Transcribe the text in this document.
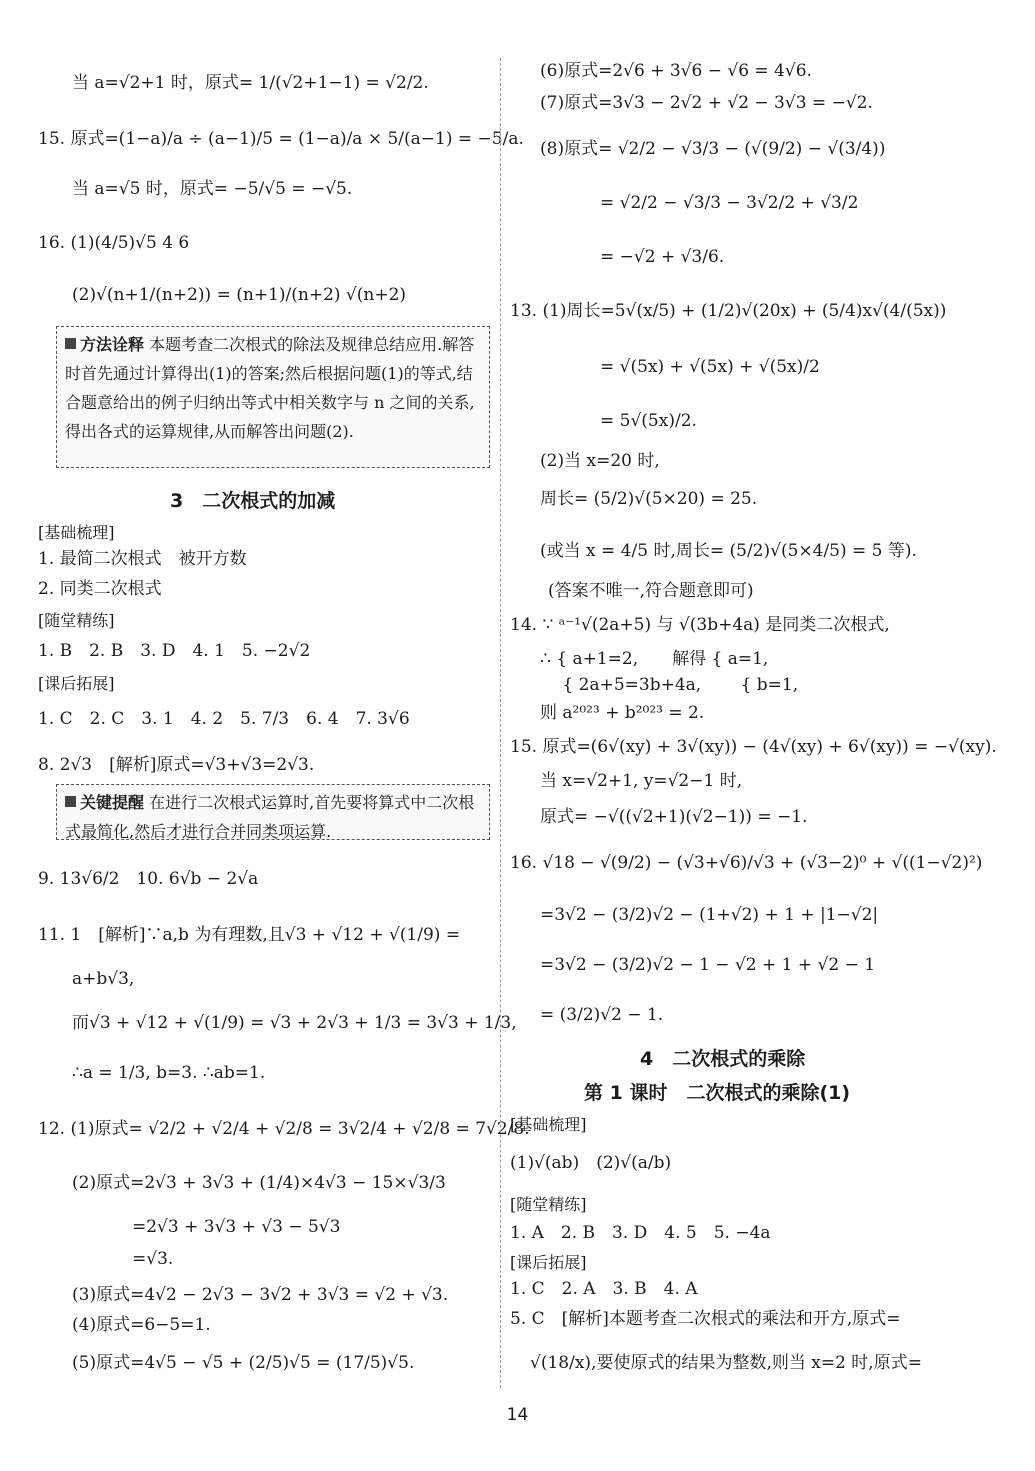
当 a=√2+1 时，原式= 1/(√2+1−1) = √2/2.
15. 原式=(1−a)/a ÷ (a−1)/5 = (1−a)/a × 5/(a−1) = −5/a.
当 a=√5 时，原式= −5/√5 = −√5.
16. (1)(4/5)√5 4 6
(2)√(n+1/(n+2)) = (n+1)/(n+2) √(n+2)
方法诠释 本题考查二次根式的除法及规律总结应用.解答时首先通过计算得出(1)的答案;然后根据问题(1)的等式,结合题意给出的例子归纳出等式中相关数字与 n 之间的关系,得出各式的运算规律,从而解答出问题(2).
3　二次根式的加减
[基础梳理]
1. 最简二次根式　被开方数
2. 同类二次根式
[随堂精练]
1. B　2. B　3. D　4. 1　5. −2√2
[课后拓展]
1. C　2. C　3. 1　4. 2　5. 7/3　6. 4　7. 3√6
8. 2√3　[解析]原式=√3+√3=2√3.
关键提醒 在进行二次根式运算时,首先要将算式中二次根式最简化,然后才进行合并同类项运算.
9. 13√6/2　10. 6√b − 2√a
11. 1　[解析]∵a,b 为有理数,且√3 + √12 + √(1/9) =
a+b√3,
而√3 + √12 + √(1/9) = √3 + 2√3 + 1/3 = 3√3 + 1/3,
∴a = 1/3, b=3. ∴ab=1.
12. (1)原式= √2/2 + √2/4 + √2/8 = 3√2/4 + √2/8 = 7√2/8.
(2)原式=2√3 + 3√3 + (1/4)×4√3 − 15×√3/3
=2√3 + 3√3 + √3 − 5√3
=√3.
(3)原式=4√2 − 2√3 − 3√2 + 3√3 = √2 + √3.
(4)原式=6−5=1.
(5)原式=4√5 − √5 + (2/5)√5 = (17/5)√5.
(6)原式=2√6 + 3√6 − √6 = 4√6.
(7)原式=3√3 − 2√2 + √2 − 3√3 = −√2.
(8)原式= √2/2 − √3/3 − (√(9/2) − √(3/4))
= √2/2 − √3/3 − 3√2/2 + √3/2
= −√2 + √3/6.
13. (1)周长=5√(x/5) + (1/2)√(20x) + (5/4)x√(4/(5x))
= √(5x) + √(5x) + √(5x)/2
= 5√(5x)/2.
(2)当 x=20 时,
周长= (5/2)√(5×20) = 25.
(或当 x = 4/5 时,周长= (5/2)√(5×4/5) = 5 等).
(答案不唯一,符合题意即可)
14. ∵ ᵃ⁻¹√(2a+5) 与 √(3b+4a) 是同类二次根式,
∴ { a+1=2,　　解得 { a=1,
　 { 2a+5=3b+4a,　　 { b=1,
则 a²⁰²³ + b²⁰²³ = 2.
15. 原式=(6√(xy) + 3√(xy)) − (4√(xy) + 6√(xy)) = −√(xy).
当 x=√2+1, y=√2−1 时,
原式= −√((√2+1)(√2−1)) = −1.
16. √18 − √(9/2) − (√3+√6)/√3 + (√3−2)⁰ + √((1−√2)²)
=3√2 − (3/2)√2 − (1+√2) + 1 + |1−√2|
=3√2 − (3/2)√2 − 1 − √2 + 1 + √2 − 1
= (3/2)√2 − 1.
4　二次根式的乘除
第 1 课时　二次根式的乘除(1)
[基础梳理]
(1)√(ab)　(2)√(a/b)
[随堂精练]
1. A　2. B　3. D　4. 5　5. −4a
[课后拓展]
1. C　2. A　3. B　4. A
5. C　[解析]本题考查二次根式的乘法和开方,原式=
√(18/x),要使原式的结果为整数,则当 x=2 时,原式=
14
